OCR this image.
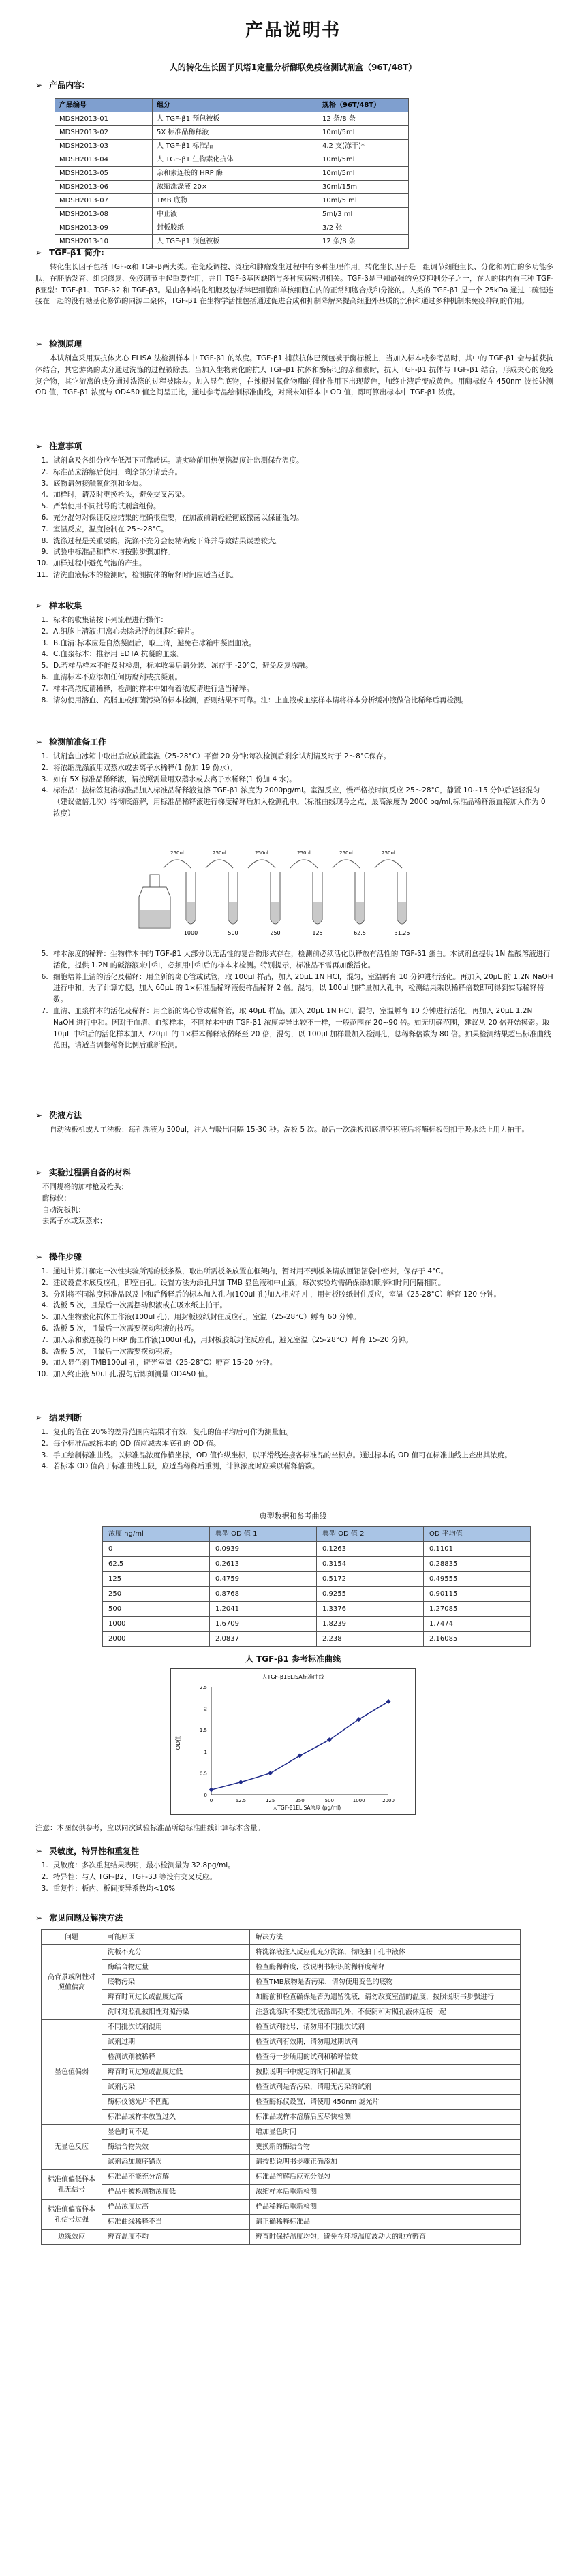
产品说明书
人的转化生长因子贝塔1定量分析酶联免疫检测试剂盒（96T/48T）

➢ 产品内容:

产品编号	组分	规格（96T/48T）
MDSH2013-01	人 TGF-β1 预包被板	12 条/8 条
MDSH2013-02	5X 标准品稀释液	10ml/5ml
MDSH2013-03	人 TGF-β1 标准品	4.2 支(冻干)*
MDSH2013-04	人 TGF-β1 生物素化抗体	10ml/5ml
MDSH2013-05	亲和素连接的 HRP 酶	10ml/5ml
MDSH2013-06	浓缩洗涤液 20×	30ml/15ml
MDSH2013-07	TMB 底物	10ml/5 ml
MDSH2013-08	中止液	5ml/3 ml
MDSH2013-09	封板胶纸	3/2 张
MDSH2013-10	人 TGF-β1 预包被板	12 条/8 条

➢ TGF-β1 简介:

转化生长因子包括 TGF-α和 TGF-β两大类。在免疫调控、炎症和肿瘤发生过程中有多种生理作用。转化生长因子是一组调节细胞生长、分化和凋亡的多功能多肽，在胚胎发育、组织修复、免疫调节中起重要作用，并且 TGF-β基因缺陷与多种疾病密切相关。TGF-β是已知最强的免疫抑制分子之一，在人的体内有三种 TGF-β亚型：TGF-β1、TGF-β2 和 TGF-β3。是由各种转化细胞及包括淋巴细胞和单核细胞在内的正常细胞合成和分泌的。人类的 TGF-β1 是一个 25kDa 通过二硫键连接在一起的没有糖基化修饰的同源二聚体，TGF-β1 在生物学活性包括通过促进合成和抑制降解来提高细胞外基质的沉积和通过多种机制来免疫抑制的作用。

➢ 检测原理

本试剂盒采用双抗体夹心 ELISA 法检测样本中 TGF-β1 的浓度。TGF-β1 捕获抗体已预包被于酶标板上，当加入标本或参考品时，其中的 TGF-β1 会与捕获抗体结合，其它游离的成分通过洗涤的过程被除去。当加入生物素化的抗人 TGF-β1 抗体和酶标记的亲和素时，抗人 TGF-β1 抗体与 TGF-β1 结合，形成夹心的免疫复合物，其它游离的成分通过洗涤的过程被除去。加入显色底物，在辣根过氧化物酶的催化作用下出现蓝色，加终止液后变成黄色。用酶标仪在 450nm 波长处测 OD 值，TGF-β1 浓度与 OD450 值之间呈正比，通过参考品绘制标准曲线，对照未知样本中 OD 值，即可算出标本中 TGF-β1 浓度。

➢ 注意事项

1. 试剂盒及各组分应在低温下可靠转运。请实验前用热便携温度计监测保存温度。
2. 标准品应溶解后使用，剩余部分请丢弃。
3. 底物请勿接触氧化剂和金属。
4. 加样时，请及时更换枪头，避免交叉污染。
5. 严禁使用不同批号的试剂盒组份。
6. 充分混匀对保证反应结果的准确很重要，在加液前请轻轻彻底振荡以保证混匀。
7. 室温反应，温度控制在 25～28°C。
8. 洗涤过程是关重要的，洗涤不充分会使精确度下降并导致结果误差较大。
9. 试验中标准品和样本均按照步骤加样。
10. 加样过程中避免气泡的产生。
11. 清洗血液标本的检测时，检测抗体的解释时间应适当延长。

➢ 样本收集

1. 标本的收集请按下列流程进行操作：
2. A.细胞上清液:用离心去除悬浮的细胞和碎片。
3. B.血清:标本应是自然凝固后，取上清，避免在冰箱中凝固血液。
4. C.血浆标本：推荐用 EDTA 抗凝的血浆。
5. D.若样品样本不能及时检测，标本收集后请分装、冻存于 -20°C，避免反复冻融。
6. 血清标本不应添加任何防腐剂或抗凝剂。
7. 样本高浓度请稀释，检测的样本中如有着浓度请进行适当稀释。
8. 请勿使用溶血、高脂血或细菌污染的标本检测，否则结果不可靠。注：上血液或血浆样本请将样本分析缓冲液做倍比稀释后再检测。

➢ 检测前准备工作

1. 试剂盒由冰箱中取出后应放置室温（25-28°C）平衡 20 分钟;每次检测后剩余试剂请及时于 2～8°C保存。
2. 将浓缩洗涤液用双蒸水或去离子水稀释(1 份加 19 份水)。
3. 如有 5X 标准品稀释液，请按照需量用双蒸水或去离子水稀释(1 份加 4 水)。
4. 标准品：按标签复溶标准品加入标准品稀释液复溶 TGF-β1 浓度为 2000pg/ml。室温反应，慢严格按时间反应 25～28°C，静置 10~15 分钟后轻轻混匀（建议做倍几次）待彻底溶解，用标准品稀释液进行梯度稀释后加入检测孔中。（标准曲线现今之点，最高浓度为 2000 pg/ml,标准品稀释液直接加入作为 0 浓度）
250ul
1000
250ul
500
250ul
250
250ul
125
250ul
62.5
250ul
31.25
5. 样本浓度的稀释：生物样本中的 TGF-β1 大部分以无活性的复合物形式存在，检测前必须活化以释放有活性的 TGF-β1 蛋白。本试剂盒提供 1N 盐酸溶液进行活化，提供 1.2N 的碱溶液来中和，必须用中和后的样本来检测。特别提示，标准品不需再加酸活化。
6. 细胞培养上清的活化及稀释：用全新的离心管或试管，取 100μl 样品，加入 20μL 1N HCl，混匀，室温孵育 10 分钟进行活化。再加入 20μL 的 1.2N NaOH 进行中和。为了计算方便，加入 60μL 的 1×标准品稀释液使样品稀释 2 倍。混匀，以 100μl 加样量加入孔中，检测结果乘以稀释倍数即可得到实际稀释倍数。
7. 血清、血浆样本的活化及稀释：用全新的离心管或稀释管，取 40μL 样品，加入 20μL 1N HCl，混匀，室温孵育 10 分钟进行活化。再加入 20μL 1.2N NaOH 进行中和。因对于血清、血浆样本，不同样本中的 TGF-β1 浓度差异比较不一样，一般范围在 20~90 倍。如无明确范围，建议从 20 倍开始摸索。取 10μL 中和后的活化样本加入 720μL 的 1×样本稀释液稀释至 20 倍，混匀，以 100μl 加样量加入检测孔，总稀释倍数为 80 倍。如果检测结果超出标准曲线范围，请适当调整稀释比例后重新检测。

➢ 洗液方法

自动洗板机或人工洗板：每孔洗液为 300ul，注入与吸出间隔 15-30 秒。洗板 5 次。最后一次洗板彻底清空积液后将酶标板倒扣于吸水纸上用力拍干。

➢ 实验过程需自备的材料

不同规格的加样枪及枪头；
酶标仪；
自动洗板机；
去离子水或双蒸水；

➢ 操作步骤

1. 通过计算并确定一次性实验所需的板条数，取出所需板条放置在框架内，暂时用不到板条请放回铝箔袋中密封，保存于 4°C。
2. 建议设置本底反应孔，即空白孔。设置方法为添孔只加 TMB 显色液和中止液，每次实验均需确保添加顺序和时间间隔相同。
3. 分别将不同浓度标准品以及中和后稀释后的标本加入孔内(100ul 孔)加入相应孔中，用封板胶纸封住反应，室温（25-28°C）孵育 120 分钟。
4. 洗板 5 次，且最后一次需摆动积液或在吸水纸上拍干。
5. 加入生物素化抗体工作液(100ul 孔)，用封板胶纸封住反应孔，室温（25-28°C）孵育 60 分钟。
6. 洗板 5 次，且最后一次需要摆动积液的技巧。
7. 加入亲和素连接的 HRP 酶工作液(100ul 孔)，用封板胶纸封住反应孔，避光室温（25-28°C）孵育 15-20 分钟。
8. 洗板 5 次，且最后一次需要摆动积液。
9. 加入显色剂 TMB100ul 孔，避光室温（25-28°C）孵育 15-20 分钟。
10. 加入终止液 50ul 孔,混匀后即刻测量 OD450 值。

➢ 结果判断

1. 复孔的值在 20%的差异范围内结果才有效，复孔的值平均后可作为测量值。
2. 每个标准品或标本的 OD 值应减去本底孔的 OD 值。
3. 手工绘制标准曲线。以标准品浓度作横坐标，OD 值作纵坐标，以平滑线连接各标准品的坐标点。通过标本的 OD 值可在标准曲线上查出其浓度。
4. 若标本 OD 值高于标准曲线上限，应适当稀释后重测，计算浓度时应乘以稀释倍数。
典型数据和参考曲线
浓度 ng/ml	典型 OD 值 1	典型 OD 值 2	OD 平均值
0	0.0939	0.1263	0.1101
62.5	0.2613	0.3154	0.28835
125	0.4759	0.5172	0.49555
250	0.8768	0.9255	0.90115
500	1.2041	1.3376	1.27085
1000	1.6709	1.8239	1.7474
2000	2.0837	2.238	2.16085
人 TGF-β1 参考标准曲线
人TGF-β1ELISA标准曲线
0
0.5
1
1.5
2
2.5
0	62.5	125	250	500	1000	2000
人TGF-β1ELISA浓度 (pg/ml)
OD值
注意：本图仅供参考，应以同次试验标准品所绘标准曲线计算标本含量。

➢ 灵敏度，特异性和重复性

1. 灵敏度：多次重复结果表明，最小检测量为 32.8pg/ml。
2. 特异性：与人 TGF-β2、TGF-β3 等没有交叉反应。
3. 重复性：板内、板间变异系数均<10%

➢ 常见问题及解决方法

问题	可能原因	解决方法
高背景或阴性对照值偏高	洗板不充分	将洗涤液注入反应孔充分洗涤，彻底拍干孔中液体
	酶结合物过量	检查酶稀释度，按说明书标识的稀释度稀释
	底物污染	检查TMB底物是否污染，请勿使用变色的底物
	孵育时间过长或温度过高	加酶前和检查确保是否为遗留洗液，请勿改变室温的温度，按照说明书步骤进行
	洗时对照孔被阳性对照污染	注意洗涤时不要把洗液溢出孔外，不使阴和对照孔液体连接一起
显色值偏弱	不同批次试剂混用	检查试剂批号，请勿用不同批次试剂
	试剂过期	检查试剂有效期，请勿用过期试剂
	检测试剂被稀释	检查每一步所用的试剂和稀释倍数
	孵育时间过短或温度过低	按照说明书中规定的时间和温度
	试剂污染	检查试剂是否污染，请用无污染的试剂
	酶标仪滤光片不匹配	检查酶标仪设置，请使用 450nm 滤光片
	标准品或样本放置过久	标准品或样本溶解后应尽快检测
无显色反应	显色时间不足	增加显色时间
	酶结合物失效	更换新的酶结合物
	试剂添加顺序错误	请按照说明书步骤正确添加
标准值偏低样本孔无信号	标准品不能充分溶解	标准品溶解后应充分混匀
	样品中被检测物浓度低	浓缩样本后重新检测
标准值偏高样本孔信号过强	样品浓度过高	样品稀释后重新检测
	标准曲线稀释不当	请正确稀释标准品
边缘效应	孵育温度不均	孵育时保持温度均匀，避免在环境温度波动大的地方孵育
